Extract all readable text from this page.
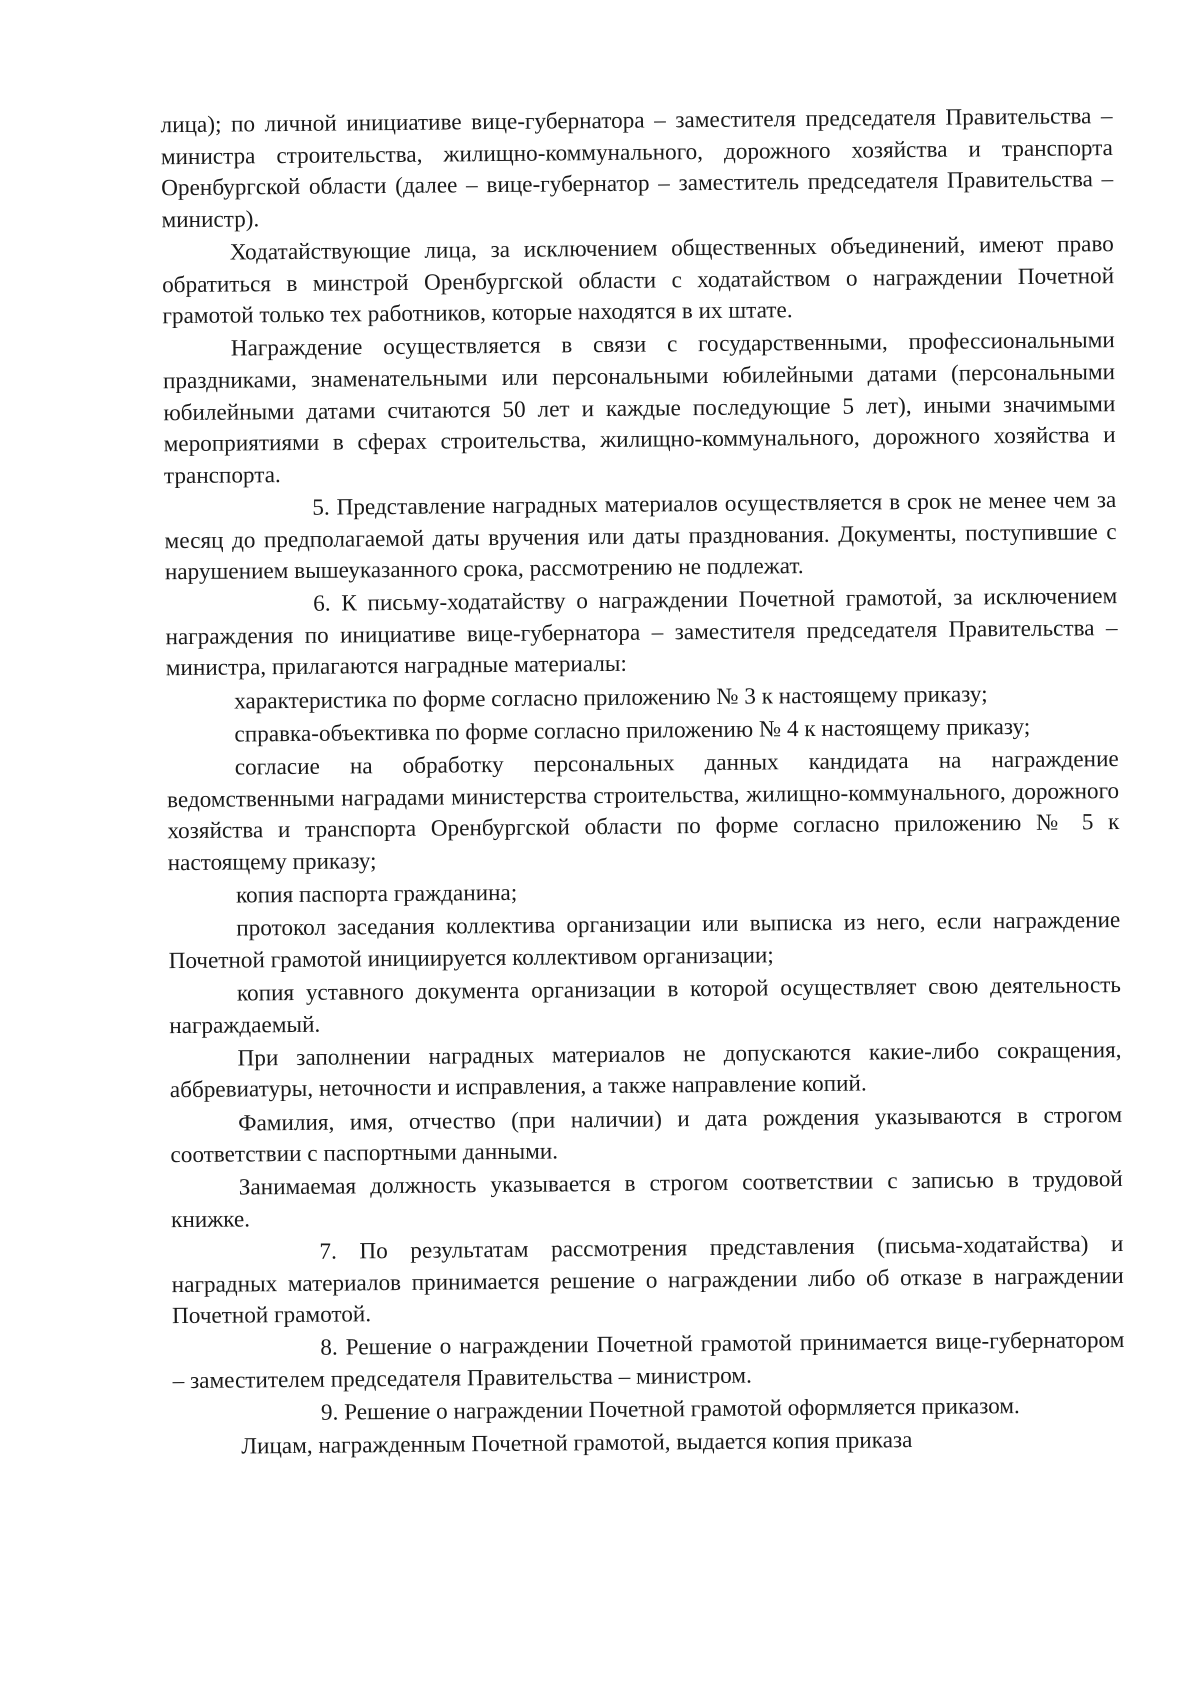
лица); по личной инициативе вице-губернатора – заместителя председателя Правительства – министра строительства, жилищно-коммунального, дорожного хозяйства и транспорта Оренбургской области (далее – вице-губернатор – заместитель председателя Правительства – министр).

Ходатайствующие лица, за исключением общественных объединений, имеют право обратиться в минстрой Оренбургской области с ходатайством о награждении Почетной грамотой только тех работников, которые находятся в их штате.

Награждение осуществляется в связи с государственными, профессиональными праздниками, знаменательными или персональными юбилейными датами (персональными юбилейными датами считаются 50 лет и каждые последующие 5 лет), иными значимыми мероприятиями в сферах строительства, жилищно-коммунального, дорожного хозяйства и транспорта.

5. Представление наградных материалов осуществляется в срок не менее чем за месяц до предполагаемой даты вручения или даты празднования. Документы, поступившие с нарушением вышеуказанного срока, рассмотрению не подлежат.

6. К письму-ходатайству о награждении Почетной грамотой, за исключением награждения по инициативе вице-губернатора – заместителя председателя Правительства – министра, прилагаются наградные материалы:

характеристика по форме согласно приложению № 3 к настоящему приказу;

справка-объективка по форме согласно приложению № 4 к настоящему приказу;

согласие на обработку персональных данных кандидата на награждение ведомственными наградами министерства строительства, жилищно-коммунального, дорожного хозяйства и транспорта Оренбургской области по форме согласно приложению № 5 к настоящему приказу;

копия паспорта гражданина;

протокол заседания коллектива организации или выписка из него, если награждение Почетной грамотой инициируется коллективом организации;

копия уставного документа организации в которой осуществляет свою деятельность награждаемый.

При заполнении наградных материалов не допускаются какие-либо сокращения, аббревиатуры, неточности и исправления, а также направление копий.

Фамилия, имя, отчество (при наличии) и дата рождения указываются в строгом соответствии с паспортными данными.

Занимаемая должность указывается в строгом соответствии с записью в трудовой книжке.

7. По результатам рассмотрения представления (письма-ходатайства) и наградных материалов принимается решение о награждении либо об отказе в награждении Почетной грамотой.

8. Решение о награждении Почетной грамотой принимается вице-губернатором – заместителем председателя Правительства – министром.

9. Решение о награждении Почетной грамотой оформляется приказом.

Лицам, награжденным Почетной грамотой, выдается копия приказа
